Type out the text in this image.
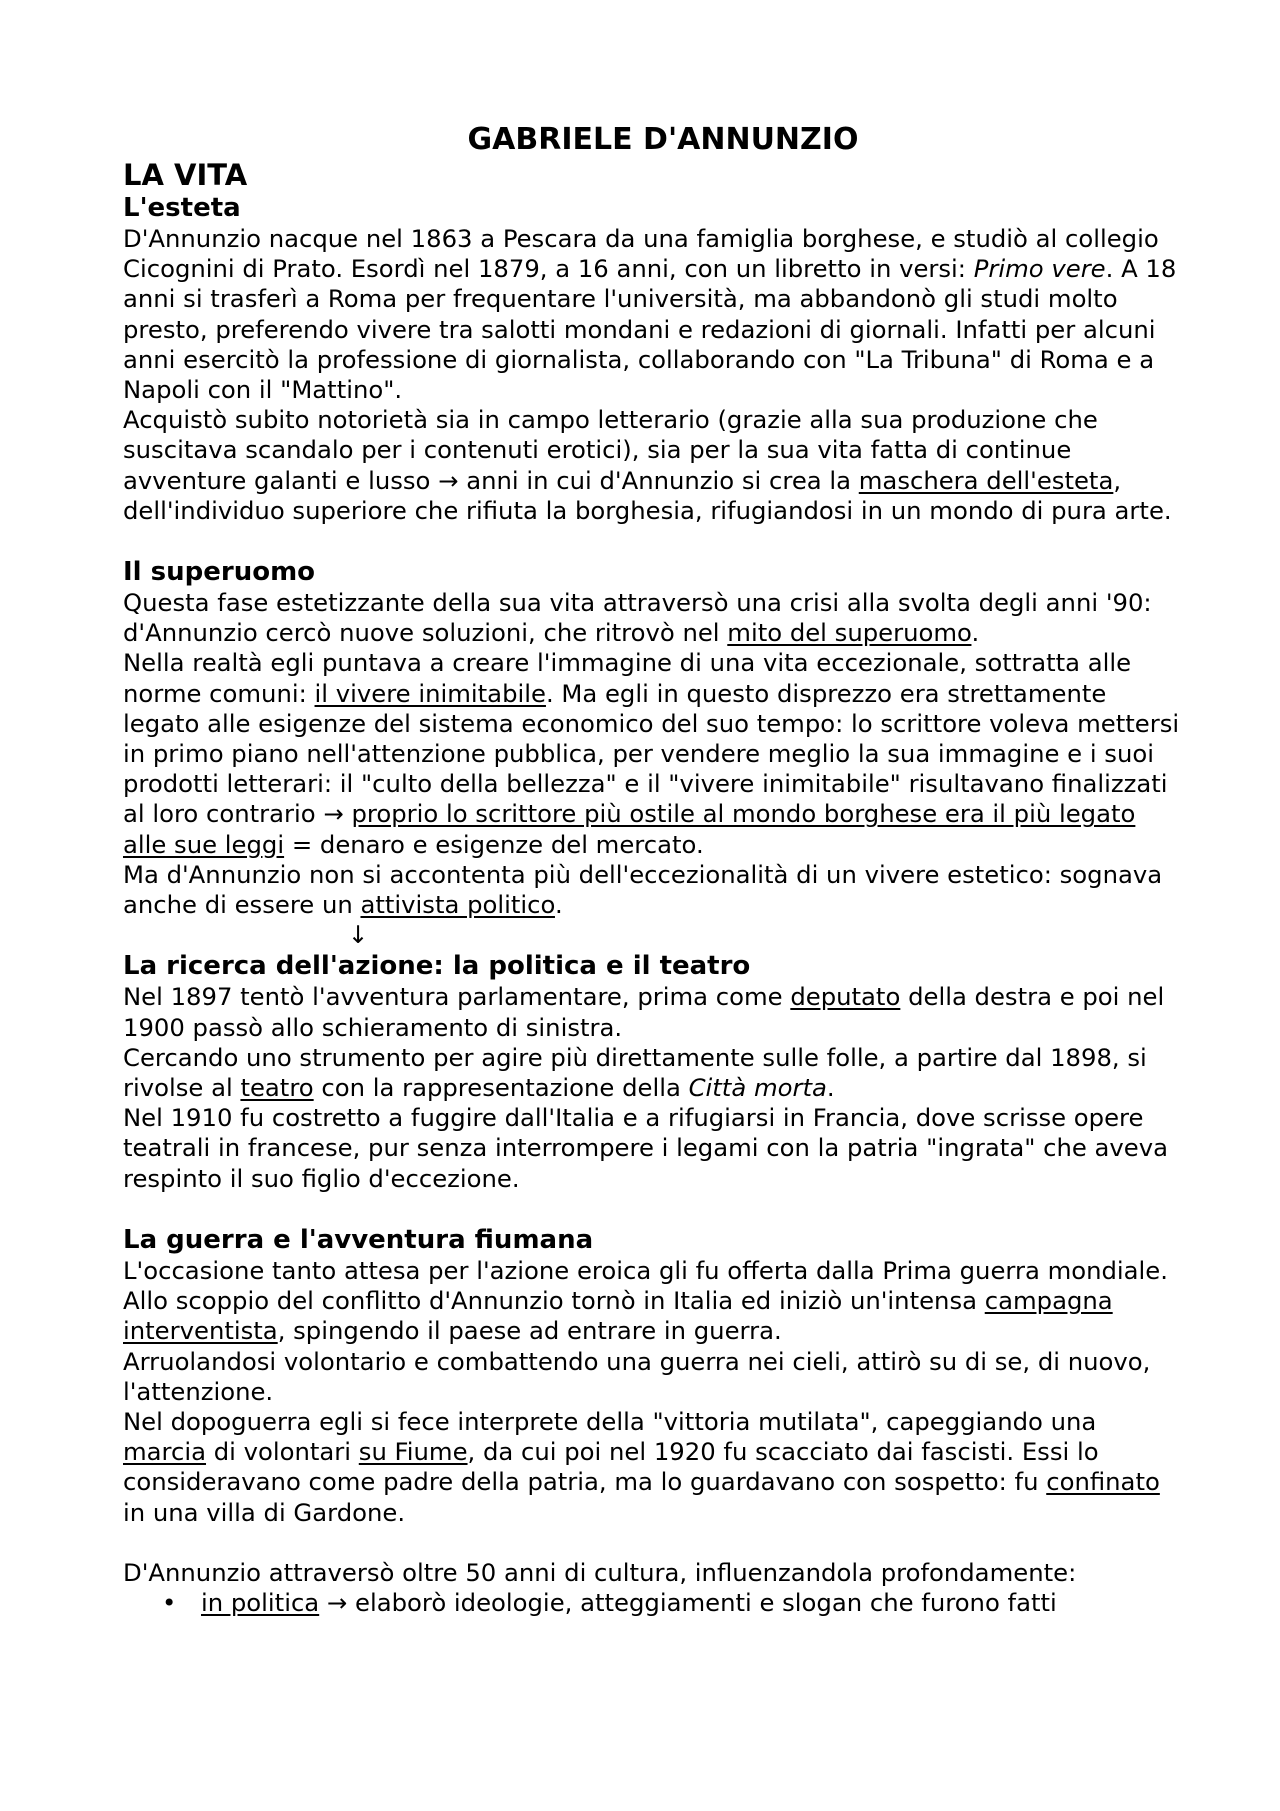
GABRIELE D'ANNUNZIO
LA VITA
L'esteta

D'Annunzio nacque nel 1863 a Pescara da una famiglia borghese, e studiò al collegio Cicognini di Prato. Esordì nel 1879, a 16 anni, con un libretto in versi: Primo vere. A 18 anni si trasferì a Roma per frequentare l'università, ma abbandonò gli studi molto presto, preferendo vivere tra salotti mondani e redazioni di giornali. Infatti per alcuni anni esercitò la professione di giornalista, collaborando con "La Tribuna" di Roma e a Napoli con il "Mattino".

Acquistò subito notorietà sia in campo letterario (grazie alla sua produzione che suscitava scandalo per i contenuti erotici), sia per la sua vita fatta di continue avventure galanti e lusso → anni in cui d'Annunzio si crea la maschera dell'esteta, dell'individuo superiore che rifiuta la borghesia, rifugiandosi in un mondo di pura arte.

Il superuomo

Questa fase estetizzante della sua vita attraversò una crisi alla svolta degli anni '90: d'Annunzio cercò nuove soluzioni, che ritrovò nel mito del superuomo.

Nella realtà egli puntava a creare l'immagine di una vita eccezionale, sottratta alle norme comuni: il vivere inimitabile. Ma egli in questo disprezzo era strettamente legato alle esigenze del sistema economico del suo tempo: lo scrittore voleva mettersi in primo piano nell'attenzione pubblica, per vendere meglio la sua immagine e i suoi prodotti letterari: il "culto della bellezza" e il "vivere inimitabile" risultavano finalizzati al loro contrario → proprio lo scrittore più ostile al mondo borghese era il più legato alle sue leggi = denaro e esigenze del mercato.

Ma d'Annunzio non si accontenta più dell'eccezionalità di un vivere estetico: sognava anche di essere un attivista politico.

↓

La ricerca dell'azione: la politica e il teatro

Nel 1897 tentò l'avventura parlamentare, prima come deputato della destra e poi nel 1900 passò allo schieramento di sinistra.

Cercando uno strumento per agire più direttamente sulle folle, a partire dal 1898, si rivolse al teatro con la rappresentazione della Città morta.

Nel 1910 fu costretto a fuggire dall'Italia e a rifugiarsi in Francia, dove scrisse opere teatrali in francese, pur senza interrompere i legami con la patria "ingrata" che aveva respinto il suo figlio d'eccezione.

La guerra e l'avventura fiumana

L'occasione tanto attesa per l'azione eroica gli fu offerta dalla Prima guerra mondiale. Allo scoppio del conflitto d'Annunzio tornò in Italia ed iniziò un'intensa campagna interventista, spingendo il paese ad entrare in guerra.

Arruolandosi volontario e combattendo una guerra nei cieli, attirò su di se, di nuovo, l'attenzione.

Nel dopoguerra egli si fece interprete della "vittoria mutilata", capeggiando una marcia di volontari su Fiume, da cui poi nel 1920 fu scacciato dai fascisti. Essi lo consideravano come padre della patria, ma lo guardavano con sospetto: fu confinato in una villa di Gardone.

D'Annunzio attraversò oltre 50 anni di cultura, influenzandola profondamente:

• in politica → elaborò ideologie, atteggiamenti e slogan che furono fatti
